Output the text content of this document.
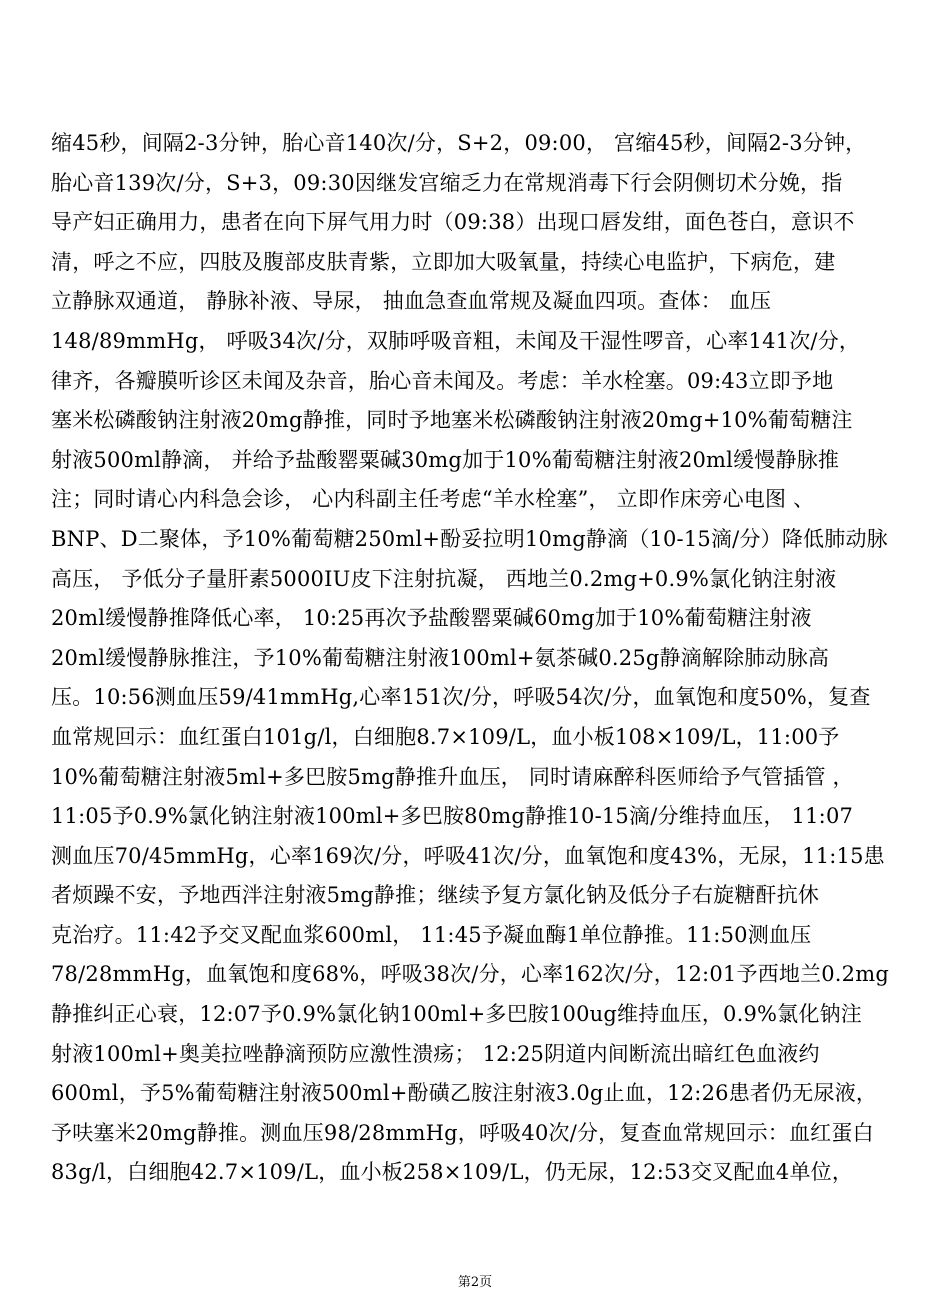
缩45秒，间隔2-3分钟，胎心音140次/分，S+2，09:00， 宫缩45秒，间隔2-3分钟，
胎心音139次/分，S+3，09:30因继发宫缩乏力在常规消毒下行会阴侧切术分娩，指
导产妇正确用力，患者在向下屏气用力时（09:38）出现口唇发绀，面色苍白，意识不
清，呼之不应，四肢及腹部皮肤青紫，立即加大吸氧量，持续心电监护，下病危，建
立静脉双通道， 静脉补液、导尿， 抽血急查血常规及凝血四项。查体： 血压
148/89mmHg， 呼吸34次/分，双肺呼吸音粗，未闻及干湿性啰音，心率141次/分，
律齐，各瓣膜听诊区未闻及杂音，胎心音未闻及。考虑：羊水栓塞。09:43立即予地
塞米松磷酸钠注射液20mg静推，同时予地塞米松磷酸钠注射液20mg+10%葡萄糖注
射液500ml静滴， 并给予盐酸罂粟碱30mg加于10%葡萄糖注射液20ml缓慢静脉推
注；同时请心内科急会诊， 心内科副主任考虑“羊水栓塞”， 立即作床旁心电图 、
BNP、D二聚体，予10%葡萄糖250ml+酚妥拉明10mg静滴（10-15滴/分）降低肺动脉
高压， 予低分子量肝素5000IU皮下注射抗凝， 西地兰0.2mg+0.9%氯化钠注射液
20ml缓慢静推降低心率， 10:25再次予盐酸罂粟碱60mg加于10%葡萄糖注射液
20ml缓慢静脉推注，予10%葡萄糖注射液100ml+氨茶碱0.25g静滴解除肺动脉高
压。10:56测血压59/41mmHg,心率151次/分，呼吸54次/分，血氧饱和度50%，复查
血常规回示：血红蛋白101g/l，白细胞8.7×109/L，血小板108×109/L，11:00予
10%葡萄糖注射液5ml+多巴胺5mg静推升血压， 同时请麻醉科医师给予气管插管 ，
11:05予0.9%氯化钠注射液100ml+多巴胺80mg静推10-15滴/分维持血压， 11:07
测血压70/45mmHg，心率169次/分，呼吸41次/分，血氧饱和度43%，无尿，11:15患
者烦躁不安，予地西泮注射液5mg静推；继续予复方氯化钠及低分子右旋糖酐抗休
克治疗。11:42予交叉配血浆600ml， 11:45予凝血酶1单位静推。11:50测血压
78/28mmHg，血氧饱和度68%，呼吸38次/分，心率162次/分，12:01予西地兰0.2mg
静推纠正心衰，12:07予0.9%氯化钠100ml+多巴胺100ug维持血压，0.9%氯化钠注
射液100ml+奥美拉唑静滴预防应激性溃疡； 12:25阴道内间断流出暗红色血液约
600ml，予5%葡萄糖注射液500ml+酚磺乙胺注射液3.0g止血，12:26患者仍无尿液，
予呋塞米20mg静推。测血压98/28mmHg，呼吸40次/分，复查血常规回示：血红蛋白
83g/l，白细胞42.7×109/L，血小板258×109/L，仍无尿，12:53交叉配血4单位，
第2页
